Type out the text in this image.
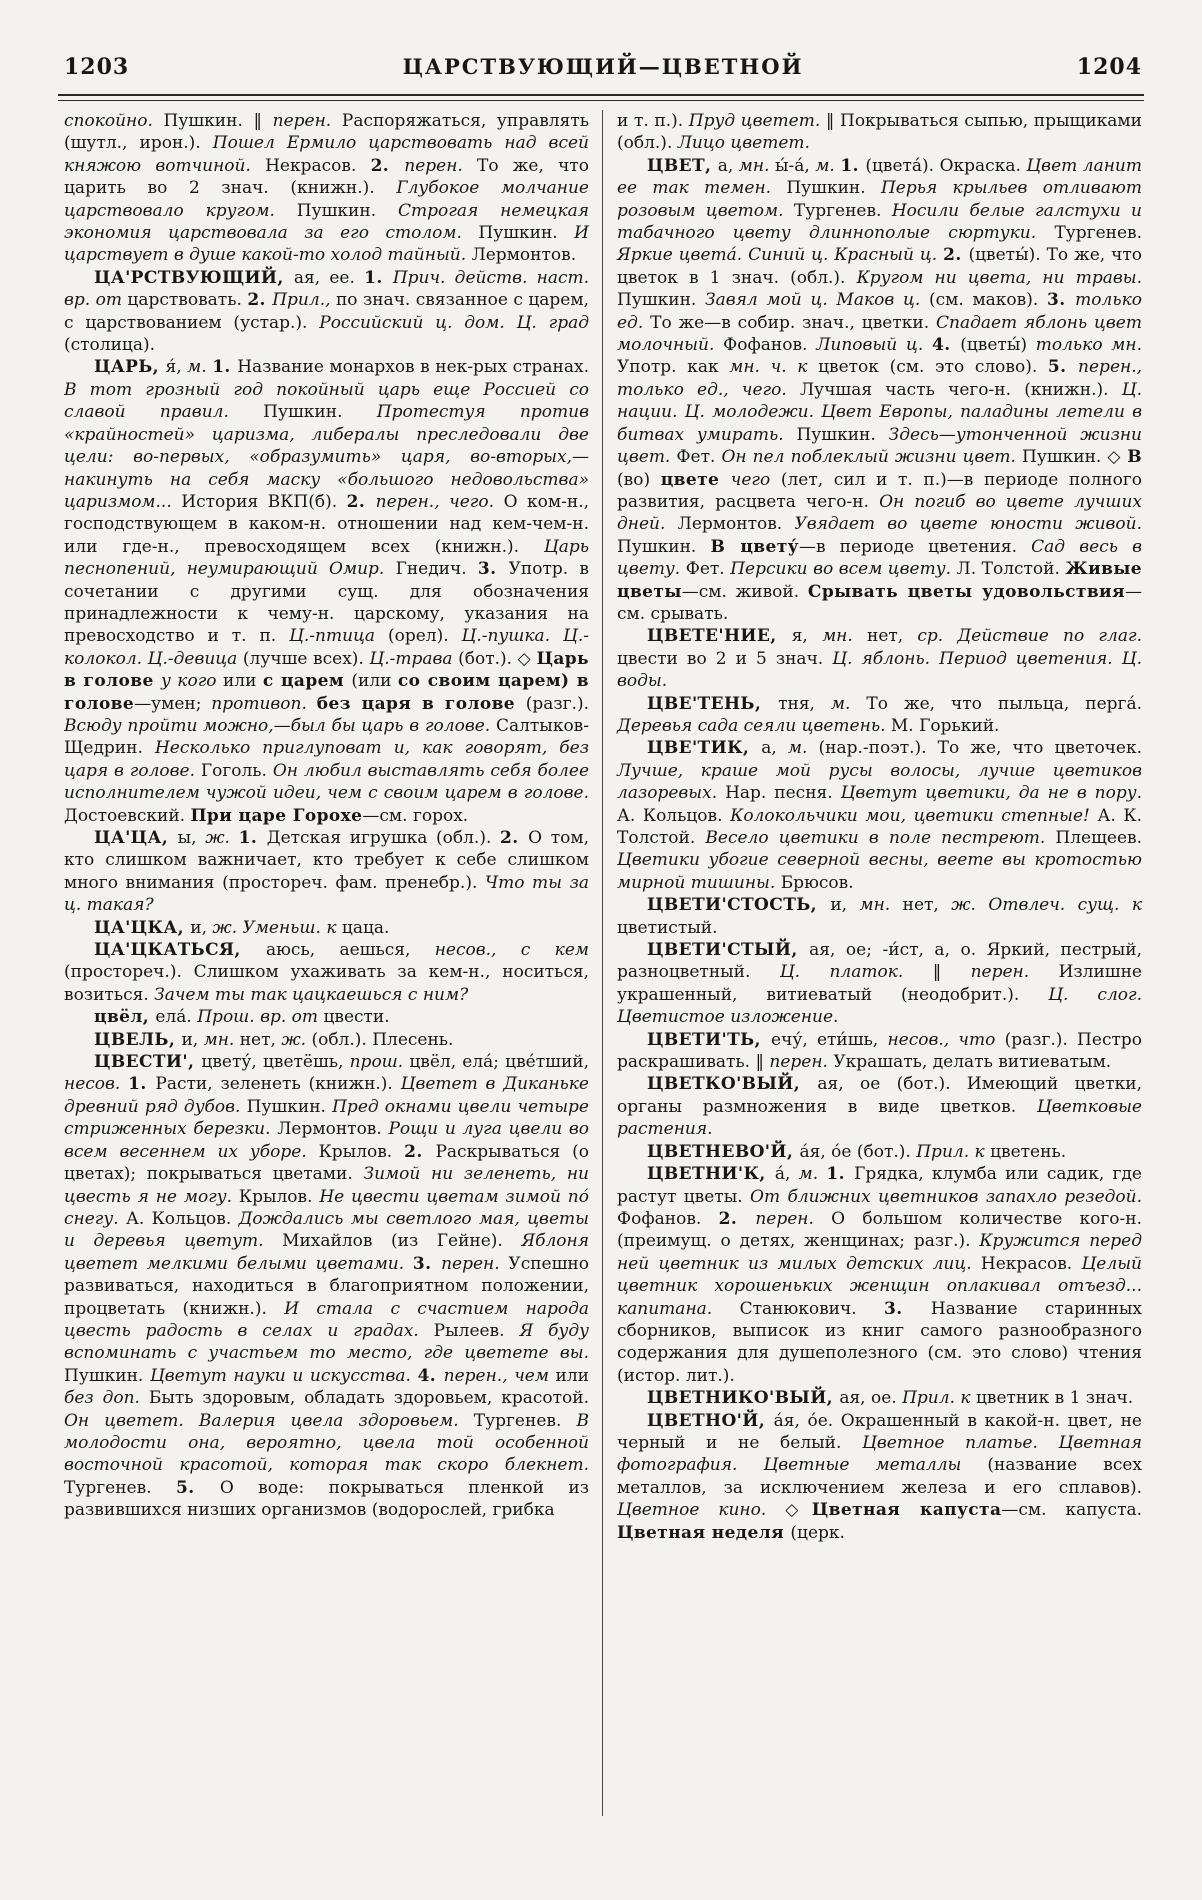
1203	ЦАРСТВУЮЩИЙ—ЦВЕТНОЙ	1204

спокойно. Пушкин. ‖ перен. Распоряжаться, управлять (шутл., ирон.). Пошел Ермило царствовать над всей княжою вотчиной. Некрасов. 2. перен. То же, что царить во 2 знач. (книжн.). Глубокое молчание царствовало кругом. Пушкин. Строгая немецкая экономия царствовала за его столом. Пушкин. И царствует в душе какой-то холод тайный. Лермонтов.

ЦА'РСТВУЮЩИЙ, ая, ее. 1. Прич. действ. наст. вр. от царствовать. 2. Прил., по знач. связанное с царем, с царствованием (устар.). Российский ц. дом. Ц. град (столица).

ЦАРЬ, я́, м. 1. Название монархов в нек-рых странах. В тот грозный год покойный царь еще Россией со славой правил. Пушкин. Протестуя против «крайностей» царизма, либералы преследовали две цели: во-первых, «образумить» царя, во-вторых,—накинуть на себя маску «большого недовольства» царизмом... История ВКП(б). 2. перен., чего. О ком-н., господствующем в каком-н. отношении над кем-чем-н. или где-н., превосходящем всех (книжн.). Царь песнопений, неумирающий Омир. Гнедич. 3. Употр. в сочетании с другими сущ. для обозначения принадлежности к чему-н. царскому, указания на превосходство и т. п. Ц.-птица (орел). Ц.-пушка. Ц.-колокол. Ц.-девица (лучше всех). Ц.-трава (бот.). ◇ Царь в голове у кого или с царем (или со своим царем) в голове—умен; противоп. без царя в голове (разг.). Всюду пройти можно,—был бы царь в голове. Салтыков-Щедрин. Несколько приглуповат и, как говорят, без царя в голове. Гоголь. Он любил выставлять себя более исполнителем чужой идеи, чем с своим царем в голове. Достоевский. При царе Горохе—см. горох.

ЦА'ЦА, ы, ж. 1. Детская игрушка (обл.). 2. О том, кто слишком важничает, кто требует к себе слишком много внимания (простореч. фам. пренебр.). Что ты за ц. такая?

ЦА'ЦКА, и, ж. Уменьш. к цаца.

ЦА'ЦКАТЬСЯ, аюсь, аешься, несов., с кем (простореч.). Слишком ухаживать за кем-н., носиться, возиться. Зачем ты так цацкаешься с ним?

цвёл, ела́. Прош. вр. от цвести.

ЦВЕЛЬ, и, мн. нет, ж. (обл.). Плесень.

ЦВЕСТИ', цвету́, цветёшь, прош. цвёл, ела́; цве́тший, несов. 1. Расти, зеленеть (книжн.). Цветет в Диканьке древний ряд дубов. Пушкин. Пред окнами цвели четыре стриженных березки. Лермонтов. Рощи и луга цвели во всем весеннем их уборе. Крылов. 2. Раскрываться (о цветах); покрываться цветами. Зимой ни зеленеть, ни цвесть я не могу. Крылов. Не цвести цветам зимой по́ снегу. А. Кольцов. Дождались мы светлого мая, цветы и деревья цветут. Михайлов (из Гейне). Яблоня цветет мелкими белыми цветами. 3. перен. Успешно развиваться, находиться в благоприятном положении, процветать (книжн.). И стала с счастием народа цвесть радость в селах и градах. Рылеев. Я буду вспоминать с участьем то место, где цветете вы. Пушкин. Цветут науки и искусства. 4. перен., чем или без доп. Быть здоровым, обладать здоровьем, красотой. Он цветет. Валерия цвела здоровьем. Тургенев. В молодости она, вероятно, цвела той особенной восточной красотой, которая так скоро блекнет. Тургенев. 5. О воде: покрываться пленкой из развившихся низших организмов (водорослей, грибка

и т. п.). Пруд цветет. ‖ Покрываться сыпью, прыщиками (обл.). Лицо цветет.

ЦВЕТ, а, мн. ы́-а́, м. 1. (цвета́). Окраска. Цвет ланит ее так темен. Пушкин. Перья крыльев отливают розовым цветом. Тургенев. Носили белые галстухи и табачного цвету длиннополые сюртуки. Тургенев. Яркие цвета́. Синий ц. Красный ц. 2. (цветы́). То же, что цветок в 1 знач. (обл.). Кругом ни цвета, ни травы. Пушкин. Завял мой ц. Маков ц. (см. маков). 3. только ед. То же—в собир. знач., цветки. Спадает яблонь цвет молочный. Фофанов. Липовый ц. 4. (цветы́) только мн. Употр. как мн. ч. к цветок (см. это слово). 5. перен., только ед., чего. Лучшая часть чего-н. (книжн.). Ц. нации. Ц. молодежи. Цвет Европы, паладины летели в битвах умирать. Пушкин. Здесь—утонченной жизни цвет. Фет. Он пел поблеклый жизни цвет. Пушкин. ◇ В (во) цвете чего (лет, сил и т. п.)—в периоде полного развития, расцвета чего-н. Он погиб во цвете лучших дней. Лермонтов. Увядает во цвете юности живой. Пушкин. В цвету́—в периоде цветения. Сад весь в цвету. Фет. Персики во всем цвету. Л. Толстой. Живые цветы—см. живой. Срывать цветы удовольствия—см. срывать.

ЦВЕТЕ'НИЕ, я, мн. нет, ср. Действие по глаг. цвести во 2 и 5 знач. Ц. яблонь. Период цветения. Ц. воды.

ЦВЕ'ТЕНЬ, тня, м. То же, что пыльца, перга́. Деревья сада сеяли цветень. М. Горький.

ЦВЕ'ТИК, а, м. (нар.-поэт.). То же, что цветочек. Лучше, краше мой русы волосы, лучше цветиков лазоревых. Нар. песня. Цветут цветики, да не в пору. А. Кольцов. Колокольчики мои, цветики степные! А. К. Толстой. Весело цветики в поле пестреют. Плещеев. Цветики убогие северной весны, веете вы кротостью мирной тишины. Брюсов.

ЦВЕТИ'СТОСТЬ, и, мн. нет, ж. Отвлеч. сущ. к цветистый.

ЦВЕТИ'СТЫЙ, ая, ое; -и́ст, а, о. Яркий, пестрый, разноцветный. Ц. платок. ‖ перен. Излишне украшенный, витиеватый (неодобрит.). Ц. слог. Цветистое изложение.

ЦВЕТИ'ТЬ, ечу́, ети́шь, несов., что (разг.). Пестро раскрашивать. ‖ перен. Украшать, делать витиеватым.

ЦВЕТКО'ВЫЙ, ая, ое (бот.). Имеющий цветки, органы размножения в виде цветков. Цветковые растения.

ЦВЕТНЕВО'Й, а́я, о́е (бот.). Прил. к цветень.

ЦВЕТНИ'К, а́, м. 1. Грядка, клумба или садик, где растут цветы. От ближних цветников запахло резедой. Фофанов. 2. перен. О большом количестве кого-н. (преимущ. о детях, женщинах; разг.). Кружится перед ней цветник из милых детских лиц. Некрасов. Целый цветник хорошеньких женщин оплакивал отъезд... капитана. Станюкович. 3. Название старинных сборников, выписок из книг самого разнообразного содержания для душеполезного (см. это слово) чтения (истор. лит.).

ЦВЕТНИКО'ВЫЙ, ая, ое. Прил. к цветник в 1 знач.

ЦВЕТНО'Й, а́я, о́е. Окрашенный в какой-н. цвет, не черный и не белый. Цветное платье. Цветная фотография. Цветные металлы (название всех металлов, за исключением железа и его сплавов). Цветное кино. ◇Цветная капуста—см. капуста. Цветная неделя (церк.
